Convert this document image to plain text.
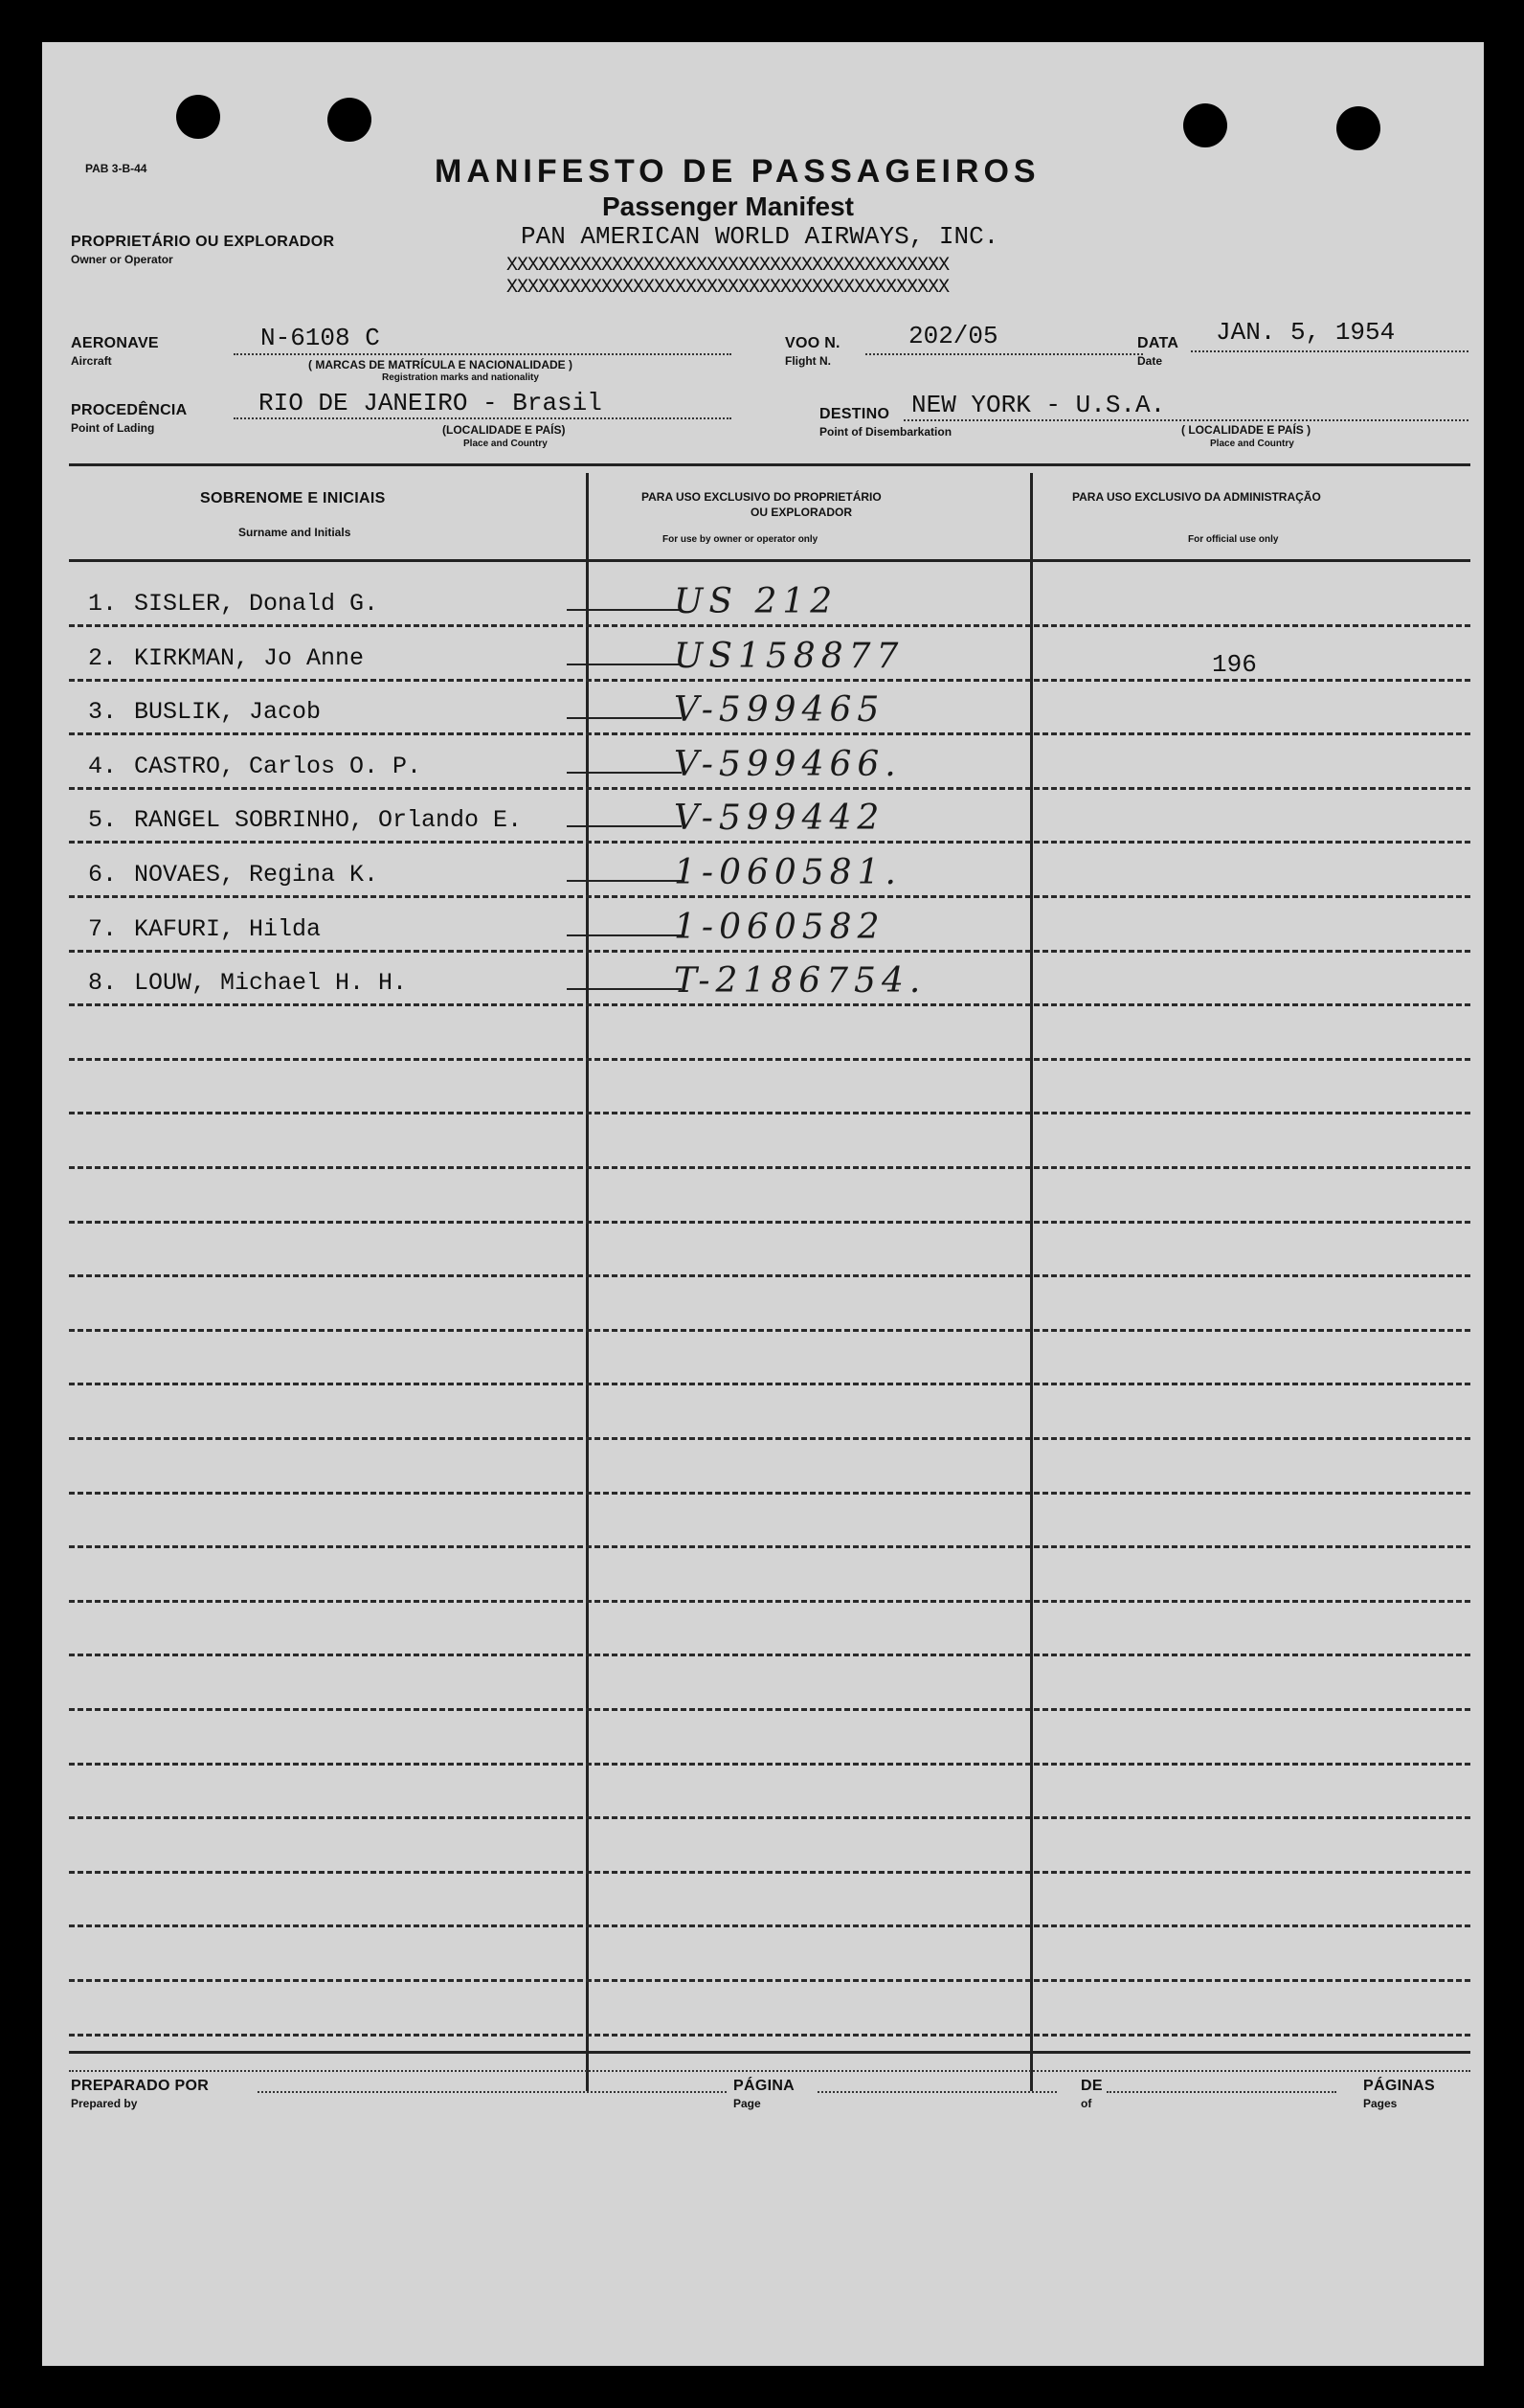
PAB 3-B-44	MANIFESTO DE PASSAGEIROS
Passenger Manifest
PAN AMERICAN WORLD AIRWAYS, INC.
XXXXXXXXXXXXXXXXXXXXXXXXXXXXXXXXXXXXXXXXXX
XXXXXXXXXXXXXXXXXXXXXXXXXXXXXXXXXXXXXXXXXX
PROPRIETÁRIO OU EXPLORADOR
Owner or Operator
AERONAVE
Aircraft
N-6108 C
( MARCAS DE MATRÍCULA E NACIONALIDADE )
Registration marks and nationality
VOO N.
Flight N.
202/05	DATA
Date
JAN. 5, 1954
PROCEDÊNCIA
Point of Lading
RIO DE JANEIRO - Brasil
(LOCALIDADE E PAÍS)
Place and Country
DESTINO
Point of Disembarkation
NEW YORK - U.S.A.
( LOCALIDADE E PAÍS )
Place and Country
SOBRENOME E INICIAIS
Surname and Initials
PARA USO EXCLUSIVO DO PROPRIETÁRIO
OU EXPLORADOR
For use by owner or operator only
PARA USO EXCLUSIVO DA ADMINISTRAÇÃO
For official use only
1. SISLER, Donald G.	US 212
2. KIRKMAN, Jo Anne	US158877	196
3. BUSLIK, Jacob	V-599465
4. CASTRO, Carlos O. P.	V-599466.
5. RANGEL SOBRINHO, Orlando E.	V-599442
6. NOVAES, Regina K.	1-060581.
7. KAFURI, Hilda	1-060582
8. LOUW, Michael H. H.	T-2186754.
PREPARADO POR
Prepared by
PÁGINA
Page
DE
of
PÁGINAS
Pages
